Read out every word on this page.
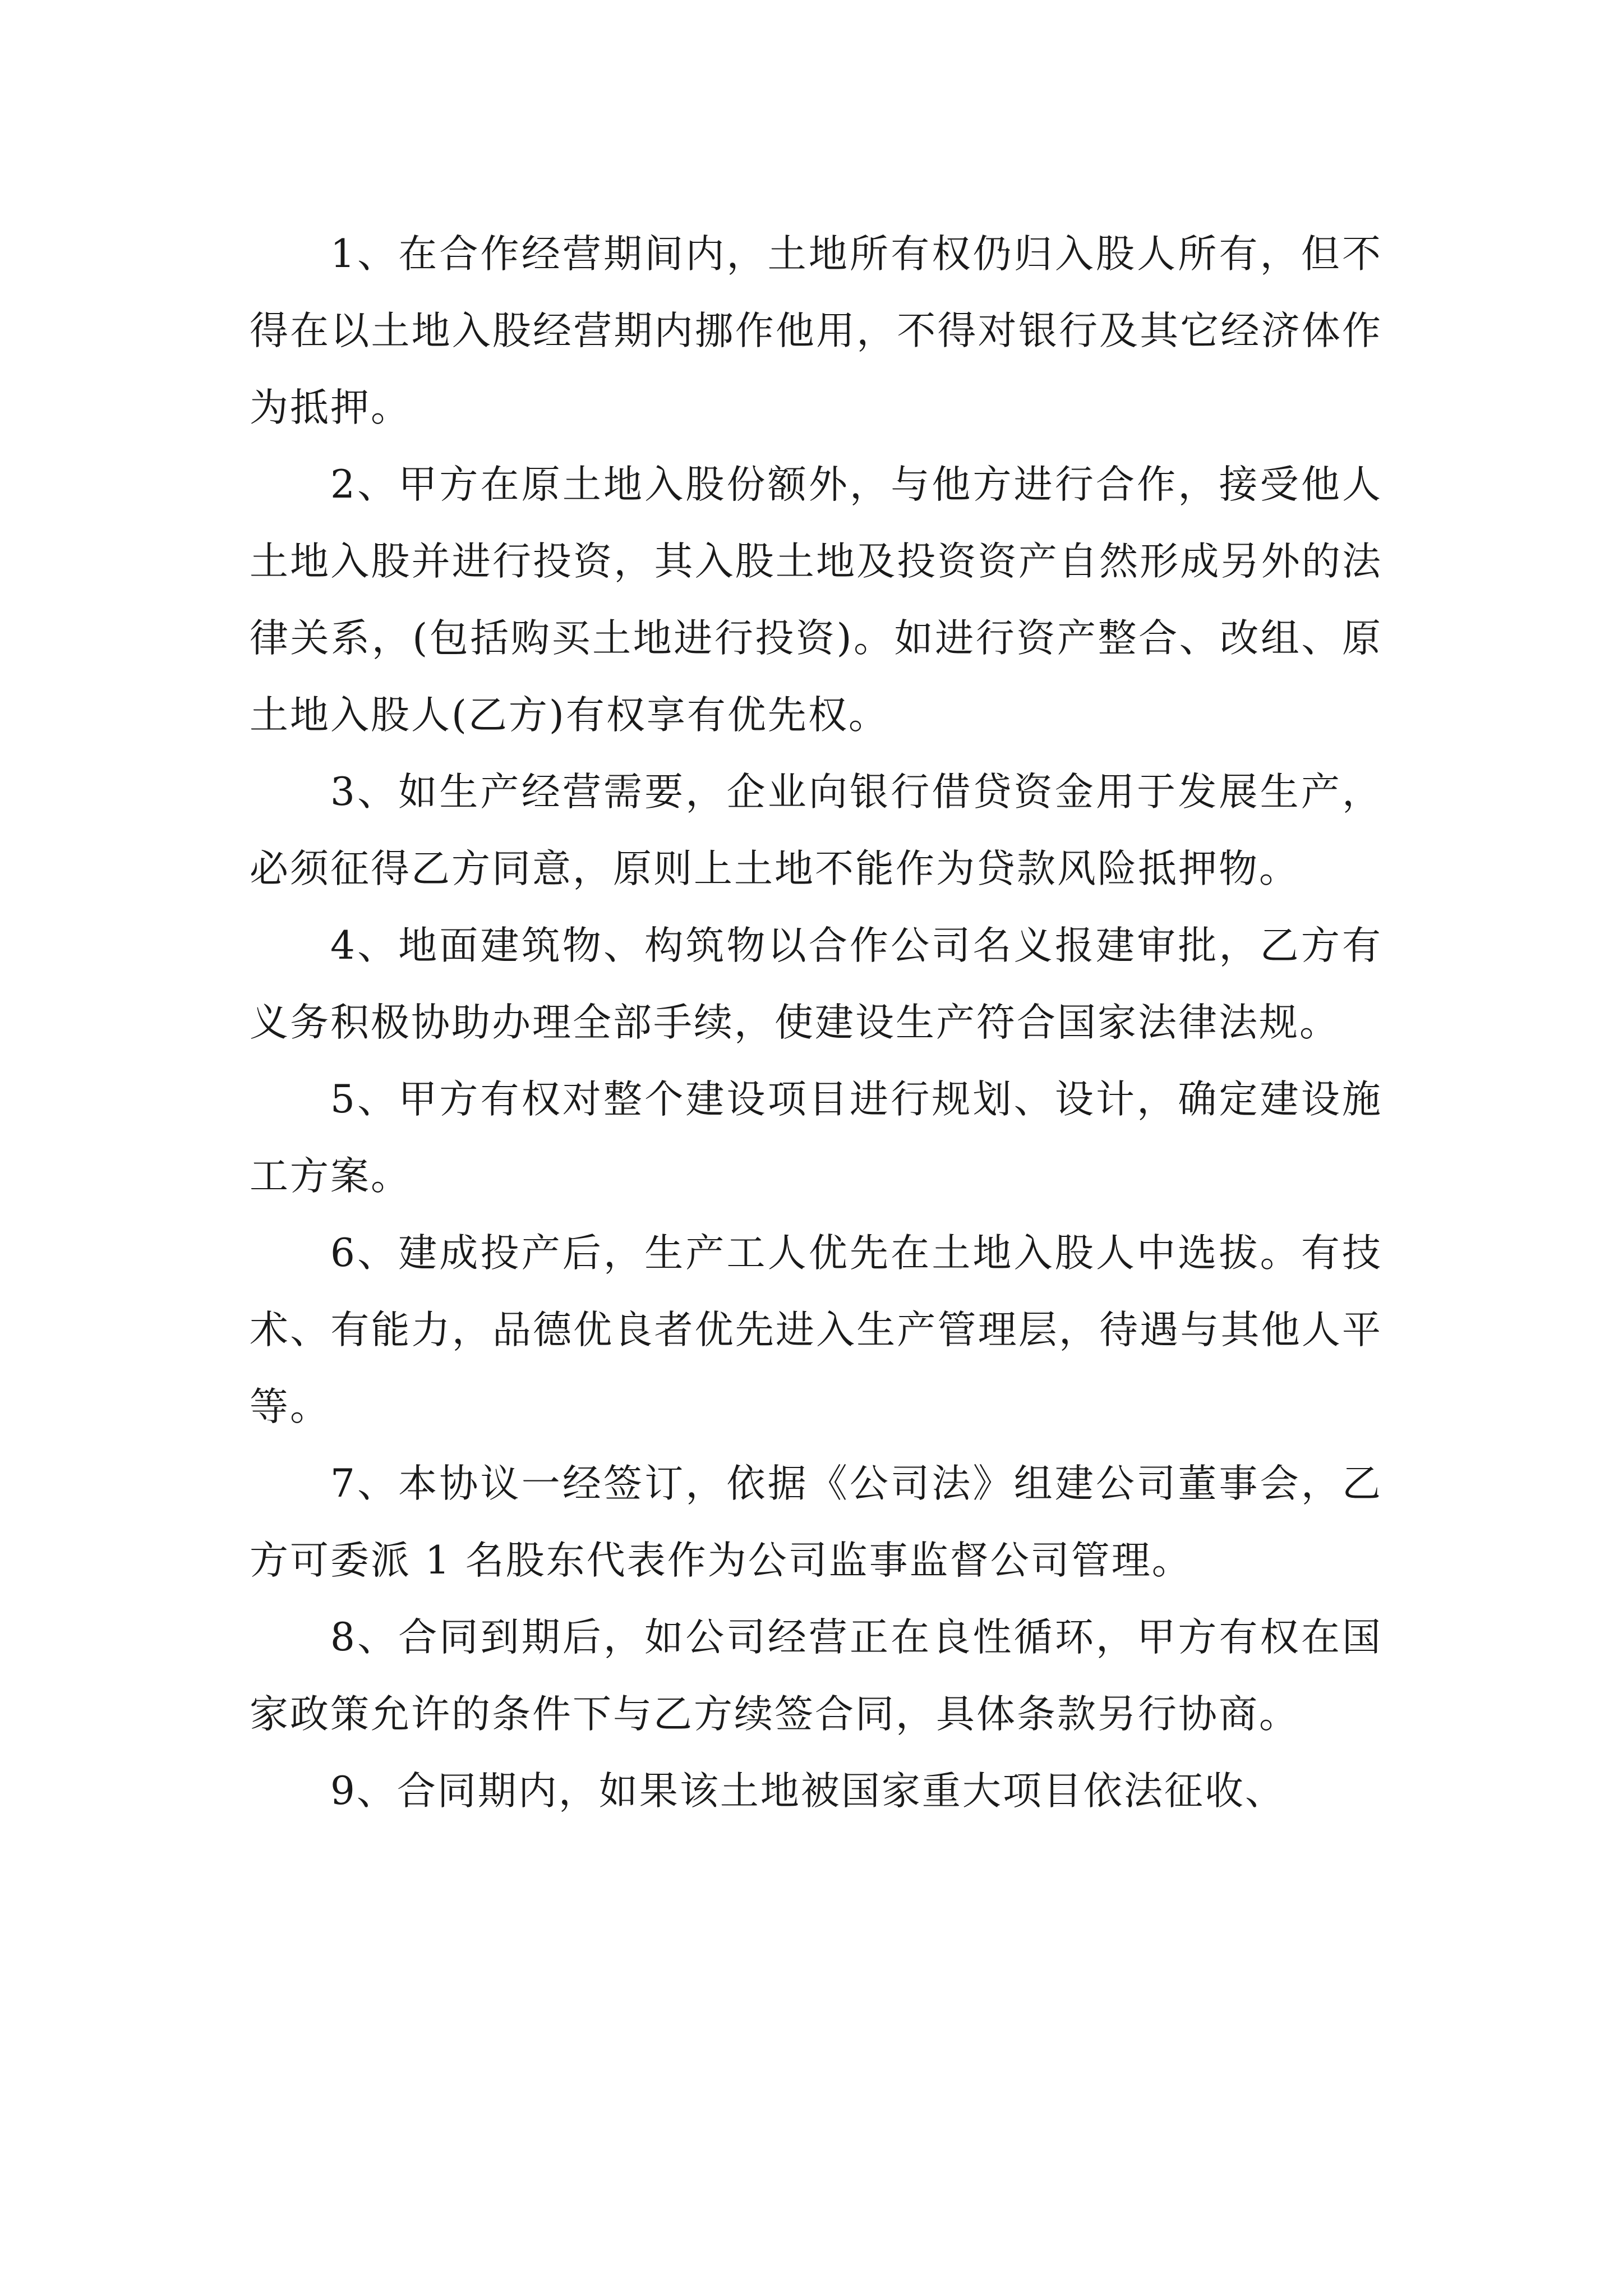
1、在合作经营期间内，土地所有权仍归入股人所有，但不得在以土地入股经营期内挪作他用，不得对银行及其它经济体作为抵押。

2、甲方在原土地入股份额外，与他方进行合作，接受他人土地入股并进行投资，其入股土地及投资资产自然形成另外的法律关系，(包括购买土地进行投资)。如进行资产整合、改组、原土地入股人(乙方)有权享有优先权。

3、如生产经营需要，企业向银行借贷资金用于发展生产，必须征得乙方同意，原则上土地不能作为贷款风险抵押物。

4、地面建筑物、构筑物以合作公司名义报建审批，乙方有义务积极协助办理全部手续，使建设生产符合国家法律法规。

5、甲方有权对整个建设项目进行规划、设计，确定建设施工方案。

6、建成投产后，生产工人优先在土地入股人中选拔。有技术、有能力，品德优良者优先进入生产管理层，待遇与其他人平等。

7、本协议一经签订，依据《公司法》组建公司董事会，乙方可委派 1 名股东代表作为公司监事监督公司管理。

8、合同到期后，如公司经营正在良性循环，甲方有权在国家政策允许的条件下与乙方续签合同，具体条款另行协商。

9、合同期内，如果该土地被国家重大项目依法征收、
